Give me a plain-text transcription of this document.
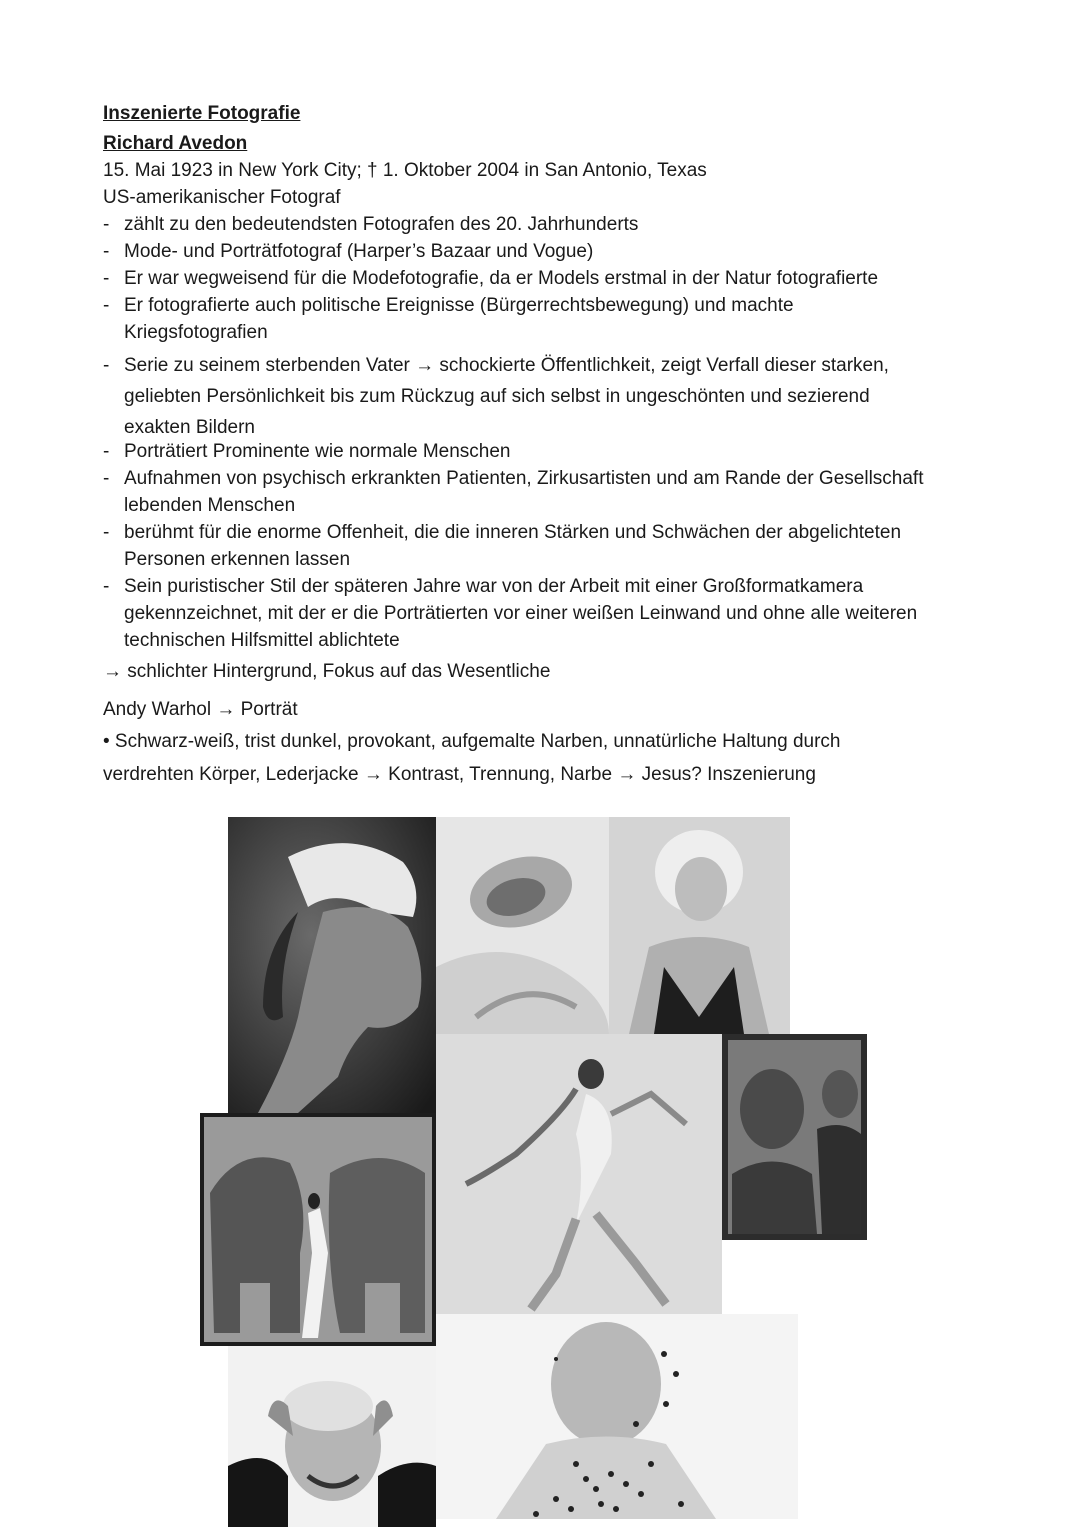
Inszenierte Fotografie
Richard Avedon
15. Mai 1923 in New York City; † 1. Oktober 2004 in San Antonio, Texas
US-amerikanischer Fotograf
- zählt zu den bedeutendsten Fotografen des 20. Jahrhunderts
- Mode- und Porträtfotograf (Harper’s Bazaar und Vogue)
- Er war wegweisend für die Modefotografie, da er Models erstmal in der Natur fotografierte
- Er fotografierte auch politische Ereignisse (Bürgerrechtsbewegung) und machte
Kriegsfotografien
- Serie zu seinem sterbenden Vater → schockierte Öffentlichkeit, zeigt Verfall dieser starken,
geliebten Persönlichkeit bis zum Rückzug auf sich selbst in ungeschönten und sezierend
exakten Bildern
- Porträtiert Prominente wie normale Menschen
- Aufnahmen von psychisch erkrankten Patienten, Zirkusartisten und am Rande der Gesellschaft
lebenden Menschen
- berühmt für die enorme Offenheit, die die inneren Stärken und Schwächen der abgelichteten
Personen erkennen lassen
- Sein puristischer Stil der späteren Jahre war von der Arbeit mit einer Großformatkamera
gekennzeichnet, mit der er die Porträtierten vor einer weißen Leinwand und ohne alle weiteren
technischen Hilfsmittel ablichtete
→ schlichter Hintergrund, Fokus auf das Wesentliche
Andy Warhol → Porträt
• Schwarz-weiß, trist dunkel, provokant, aufgemalte Narben, unnatürliche Haltung durch
verdrehten Körper, Lederjacke → Kontrast, Trennung, Narbe → Jesus? Inszenierung
